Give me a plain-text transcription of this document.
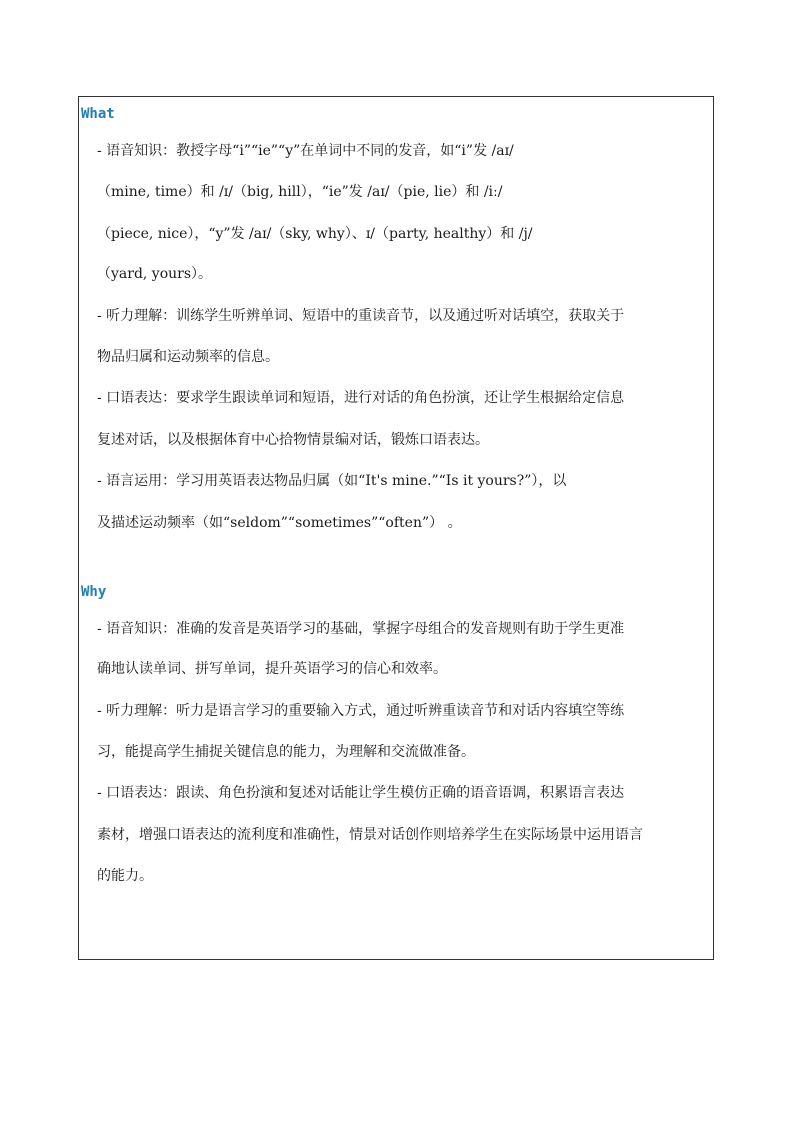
What
- 语音知识：教授字母“i”“ie”“y”在单词中不同的发音，如“i”发 /aɪ/
（mine, time）和 /ɪ/（big, hill），“ie”发 /aɪ/（pie, lie）和 /iː/
（piece, nice），“y”发 /aɪ/（sky, why）、ɪ/（party, healthy）和 /j/
（yard, yours）。
- 听力理解：训练学生听辨单词、短语中的重读音节，以及通过听对话填空，获取关于
物品归属和运动频率的信息。
- 口语表达：要求学生跟读单词和短语，进行对话的角色扮演，还让学生根据给定信息
复述对话，以及根据体育中心拾物情景编对话，锻炼口语表达。
- 语言运用：学习用英语表达物品归属（如“It's mine.”“Is it yours?”），以
及描述运动频率（如“seldom”“sometimes”“often”） 。
Why
- 语音知识：准确的发音是英语学习的基础，掌握字母组合的发音规则有助于学生更准
确地认读单词、拼写单词，提升英语学习的信心和效率。
- 听力理解：听力是语言学习的重要输入方式，通过听辨重读音节和对话内容填空等练
习，能提高学生捕捉关键信息的能力，为理解和交流做准备。
- 口语表达：跟读、角色扮演和复述对话能让学生模仿正确的语音语调，积累语言表达
素材，增强口语表达的流利度和准确性，情景对话创作则培养学生在实际场景中运用语言
的能力。
